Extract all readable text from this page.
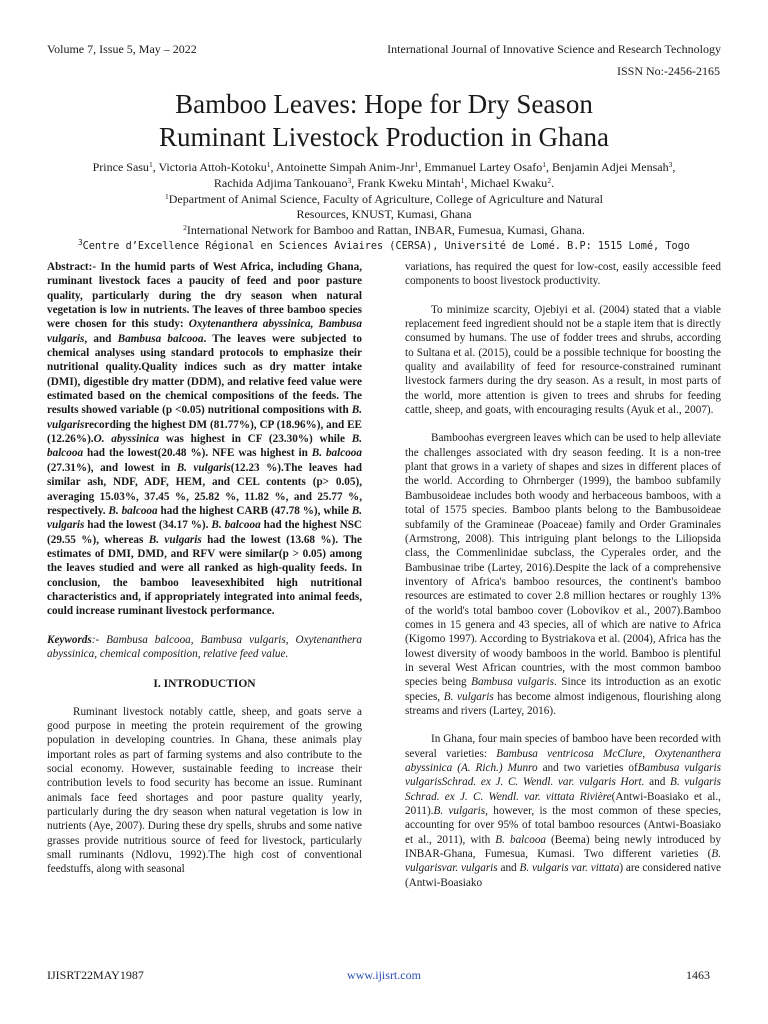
Volume 7, Issue 5, May – 2022	International Journal of Innovative Science and Research Technology
ISSN No:-2456-2165
Bamboo Leaves: Hope for Dry Season
Ruminant Livestock Production in Ghana
Prince Sasu$^1$, Victoria Attoh-Kotoku$^1$, Antoinette Simpah Anim-Jnr$^1$, Emmanuel Lartey Osafo$^1$, Benjamin Adjei Mensah$^3$,
Rachida Adjima Tankouano$^3$, Frank Kweku Mintah$^1$, Michael Kwaku$^2$.
$^1$Department of Animal Science, Faculty of Agriculture, College of Agriculture and Natural
Resources, KNUST, Kumasi, Ghana
$^2$International Network for Bamboo and Rattan, INBAR, Fumesua, Kumasi, Ghana.
$^3$Centre d’Excellence Régional en Sciences Aviaires (CERSA), Université de Lomé. B.P: 1515 Lomé, Togo

Abstract:- In the humid parts of West Africa, including Ghana, ruminant livestock faces a paucity of feed and poor pasture quality, particularly during the dry season when natural vegetation is low in nutrients. The leaves of three bamboo species were chosen for this study: Oxytenanthera abyssinica, Bambusa vulgaris, and Bambusa balcooa. The leaves were subjected to chemical analyses using standard protocols to emphasize their nutritional quality.Quality indices such as dry matter intake (DMI), digestible dry matter (DDM), and relative feed value were estimated based on the chemical compositions of the feeds. The results showed variable (p <0.05) nutritional compositions with B. vulgarisrecording the highest DM (81.77%), CP (18.96%), and EE (12.26%).O. abyssinica was highest in CF (23.30%) while B. balcooa had the lowest(20.48 %). NFE was highest in B. balcooa (27.31%), and lowest in B. vulgaris(12.23 %).The leaves had similar ash, NDF, ADF, HEM, and CEL contents (p> 0.05), averaging 15.03%, 37.45 %, 25.82 %, 11.82 %, and 25.77 %, respectively. B. balcooa had the highest CARB (47.78 %), while B. vulgaris had the lowest (34.17 %). B. balcooa had the highest NSC (29.55 %), whereas B. vulgaris had the lowest (13.68 %). The estimates of DMI, DMD, and RFV were similar(p > 0.05) among the leaves studied and were all ranked as high-quality feeds. In conclusion, the bamboo leavesexhibited high nutritional characteristics and, if appropriately integrated into animal feeds, could increase ruminant livestock performance.

Keywords:- Bambusa balcooa, Bambusa vulgaris, Oxytenanthera abyssinica, chemical composition, relative feed value.

I. INTRODUCTION

Ruminant livestock notably cattle, sheep, and goats serve a good purpose in meeting the protein requirement of the growing population in developing countries. In Ghana, these animals play important roles as part of farming systems and also contribute to the social economy. However, sustainable feeding to increase their contribution levels to food security has become an issue. Ruminant animals face feed shortages and poor pasture quality yearly, particularly during the dry season when natural vegetation is low in nutrients (Aye, 2007). During these dry spells, shrubs and some native grasses provide nutritious source of feed for livestock, particularly small ruminants (Ndlovu, 1992).The high cost of conventional feedstuffs, along with seasonal

variations, has required the quest for low-cost, easily accessible feed components to boost livestock productivity.

To minimize scarcity, Ojebiyi et al. (2004) stated that a viable replacement feed ingredient should not be a staple item that is directly consumed by humans. The use of fodder trees and shrubs, according to Sultana et al. (2015), could be a possible technique for boosting the quality and availability of feed for resource-constrained ruminant livestock farmers during the dry season. As a result, in most parts of the world, more attention is given to trees and shrubs for feeding cattle, sheep, and goats, with encouraging results (Ayuk et al., 2007).

Bamboohas evergreen leaves which can be used to help alleviate the challenges associated with dry season feeding. It is a non-tree plant that grows in a variety of shapes and sizes in different places of the world. According to Ohrnberger (1999), the bamboo subfamily Bambusoideae includes both woody and herbaceous bamboos, with a total of 1575 species. Bamboo plants belong to the Bambusoideae subfamily of the Gramineae (Poaceae) family and Order Graminales (Armstrong, 2008). This intriguing plant belongs to the Liliopsida class, the Commenlinidae subclass, the Cyperales order, and the Bambusinae tribe (Lartey, 2016).Despite the lack of a comprehensive inventory of Africa's bamboo resources, the continent's bamboo resources are estimated to cover 2.8 million hectares or roughly 13% of the world's total bamboo cover (Lobovikov et al., 2007).Bamboo comes in 15 genera and 43 species, all of which are native to Africa (Kigomo 1997). According to Bystriakova et al. (2004), Africa has the lowest diversity of woody bamboos in the world. Bamboo is plentiful in several West African countries, with the most common bamboo species being Bambusa vulgaris. Since its introduction as an exotic species, B. vulgaris has become almost indigenous, flourishing along streams and rivers (Lartey, 2016).

In Ghana, four main species of bamboo have been recorded with several varieties: Bambusa ventricosa McClure, Oxytenanthera abyssinica (A. Rich.) Munro and two varieties ofBambusa vulgaris vulgarisSchrad. ex J. C. Wendl. var. vulgaris Hort. and B. vulgaris Schrad. ex J. C. Wendl. var. vittata Rivière(Antwi-Boasiako et al., 2011).B. vulgaris, however, is the most common of these species, accounting for over 95% of total bamboo resources (Antwi-Boasiako et al., 2011), with B. balcooa (Beema) being newly introduced by INBAR-Ghana, Fumesua, Kumasi. Two different varieties (B. vulgarisvar. vulgaris and B. vulgaris var. vittata) are considered native (Antwi-Boasiako

IJISRT22MAY1987	www.ijisrt.com	1463
